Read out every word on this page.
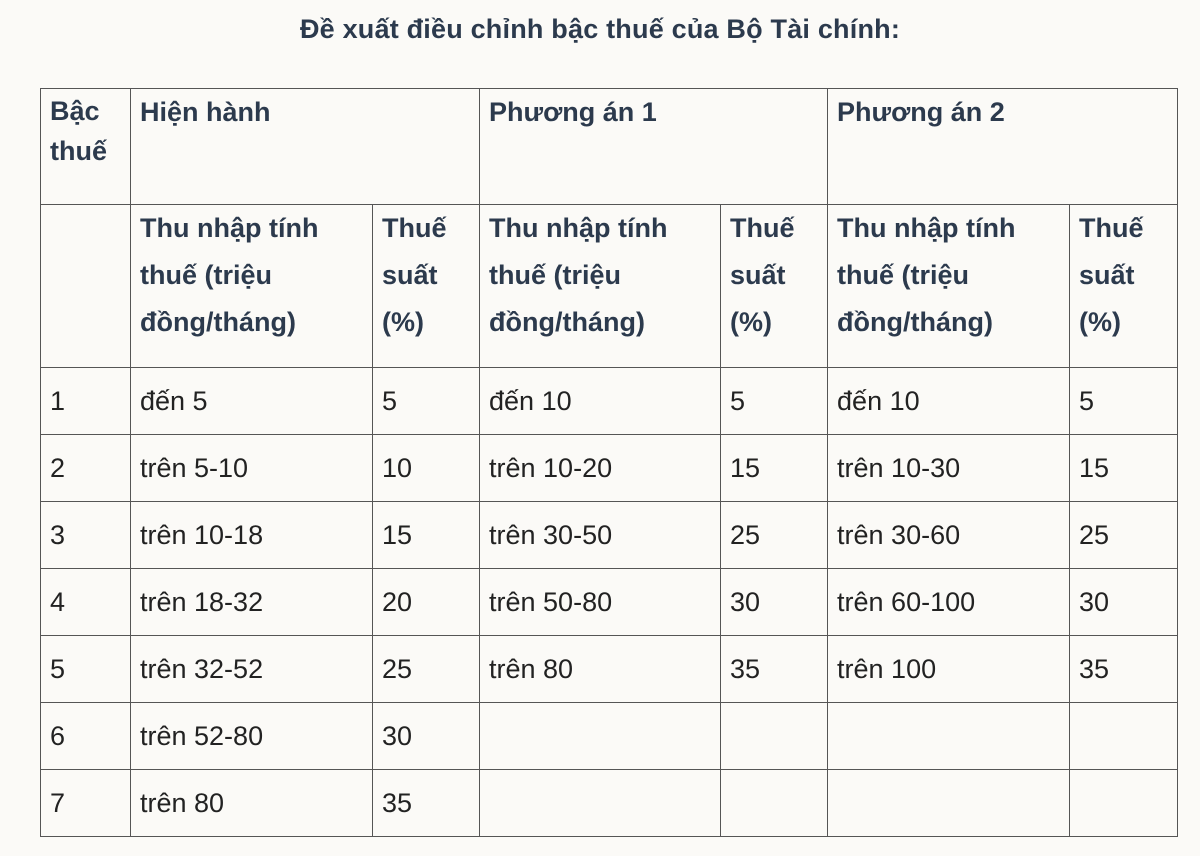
Đề xuất điều chỉnh bậc thuế của Bộ Tài chính:
Bậc thuế	Hiện hành		Phương án 1		Phương án 2	
	Thu nhập tính thuế (triệu đồng/tháng)	Thuế suất (%)	Thu nhập tính thuế (triệu đồng/tháng)	Thuế suất (%)	Thu nhập tính thuế (triệu đồng/tháng)	Thuế suất (%)
1	đến 5	5	đến 10	5	đến 10	5
2	trên 5-10	10	trên 10-20	15	trên 10-30	15
3	trên 10-18	15	trên 30-50	25	trên 30-60	25
4	trên 18-32	20	trên 50-80	30	trên 60-100	30
5	trên 32-52	25	trên 80	35	trên 100	35
6	trên 52-80	30				
7	trên 80	35				
